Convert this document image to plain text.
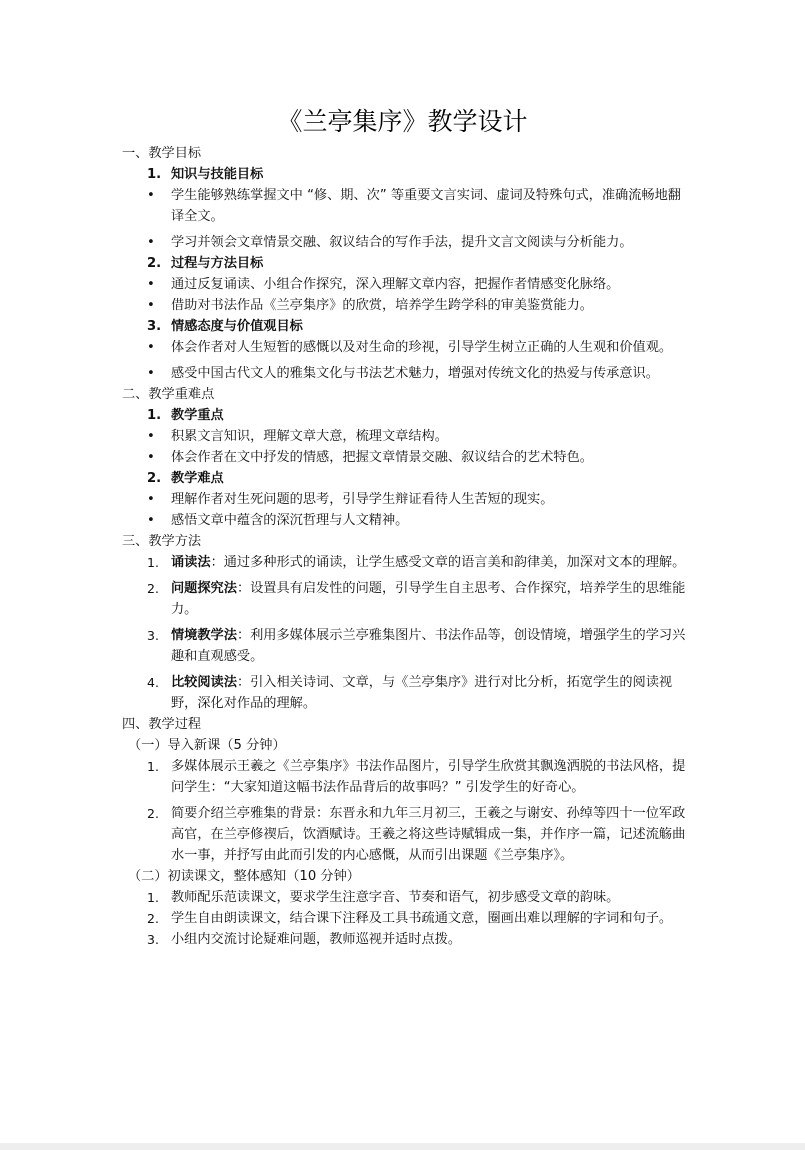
《兰亭集序》教学设计

一、教学目标

1. 知识与技能目标
• 学生能够熟练掌握文中 “修、期、次” 等重要文言实词、虚词及特殊句式，准确流畅地翻译全文。
• 学习并领会文章情景交融、叙议结合的写作手法，提升文言文阅读与分析能力。
2. 过程与方法目标
• 通过反复诵读、小组合作探究，深入理解文章内容，把握作者情感变化脉络。
• 借助对书法作品《兰亭集序》的欣赏，培养学生跨学科的审美鉴赏能力。
3. 情感态度与价值观目标
• 体会作者对人生短暂的感慨以及对生命的珍视，引导学生树立正确的人生观和价值观。
• 感受中国古代文人的雅集文化与书法艺术魅力，增强对传统文化的热爱与传承意识。

二、教学重难点

1. 教学重点
• 积累文言知识，理解文章大意，梳理文章结构。
• 体会作者在文中抒发的情感，把握文章情景交融、叙议结合的艺术特色。
2. 教学难点
• 理解作者对生死问题的思考，引导学生辩证看待人生苦短的现实。
• 感悟文章中蕴含的深沉哲理与人文精神。

三、教学方法

1. 诵读法：通过多种形式的诵读，让学生感受文章的语言美和韵律美，加深对文本的理解。
2. 问题探究法：设置具有启发性的问题，引导学生自主思考、合作探究，培养学生的思维能力。
3. 情境教学法：利用多媒体展示兰亭雅集图片、书法作品等，创设情境，增强学生的学习兴趣和直观感受。
4. 比较阅读法：引入相关诗词、文章，与《兰亭集序》进行对比分析，拓宽学生的阅读视野，深化对作品的理解。

四、教学过程

（一）导入新课（5 分钟）

1. 多媒体展示王羲之《兰亭集序》书法作品图片，引导学生欣赏其飘逸洒脱的书法风格，提问学生：“大家知道这幅书法作品背后的故事吗？” 引发学生的好奇心。
2. 简要介绍兰亭雅集的背景：东晋永和九年三月初三，王羲之与谢安、孙绰等四十一位军政高官，在兰亭修禊后，饮酒赋诗。王羲之将这些诗赋辑成一集，并作序一篇，记述流觞曲水一事，并抒写由此而引发的内心感慨，从而引出课题《兰亭集序》。

（二）初读课文，整体感知（10 分钟）

1. 教师配乐范读课文，要求学生注意字音、节奏和语气，初步感受文章的韵味。
2. 学生自由朗读课文，结合课下注释及工具书疏通文意，圈画出难以理解的字词和句子。
3. 小组内交流讨论疑难问题，教师巡视并适时点拨。
